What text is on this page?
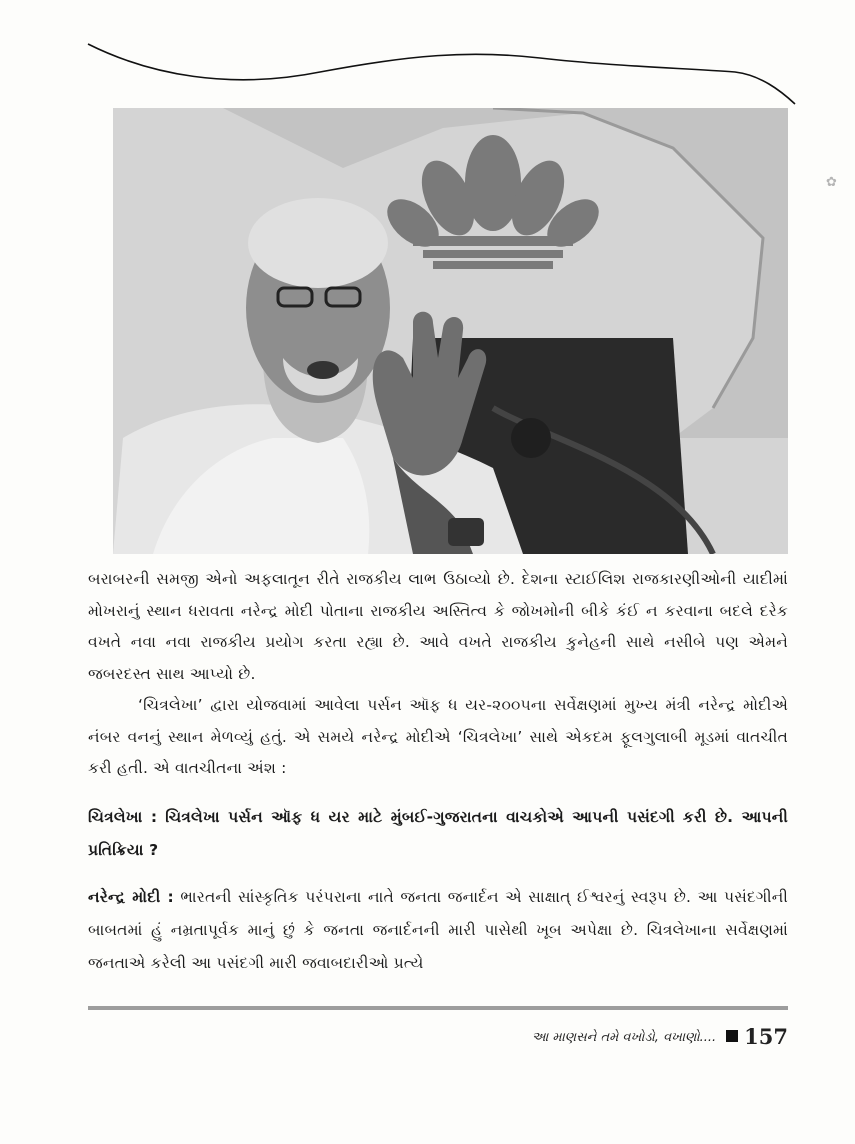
✿
બરાબરની સમજી એનો અફલાતૂન રીતે રાજકીય લાભ ઉઠાવ્યો છે. દેશના સ્ટાઈલિશ રાજકારણીઓની યાદીમાં મોખરાનું સ્થાન ધરાવતા નરેન્દ્ર મોદી પોતાના રાજકીય અસ્તિત્વ કે જોખમોની બીકે કંઈ ન કરવાના બદલે દરેક વખતે નવા નવા રાજકીય પ્રયોગ કરતા રહ્યા છે. આવે વખતે રાજકીય કુનેહની સાથે નસીબે પણ એમને જબરદસ્ત સાથ આપ્યો છે.
‘ચિત્રલેખા’ દ્વારા યોજવામાં આવેલા પર્સન ઑફ ધ યર-૨૦૦૫ના સર્વેક્ષણમાં મુખ્ય મંત્રી નરેન્દ્ર મોદીએ નંબર વનનું સ્થાન મેળવ્યું હતું. એ સમયે નરેન્દ્ર મોદીએ ‘ચિત્રલેખા’ સાથે એકદમ ફૂલગુલાબી મૂડમાં વાતચીત કરી હતી. એ વાતચીતના અંશ :
ચિત્રલેખા : ચિત્રલેખા પર્સન ઑફ ધ યર માટે મુંબઈ-ગુજરાતના વાચકોએ આપની પસંદગી કરી છે. આપની પ્રતિક્રિયા ?
નરેન્દ્ર મોદી : ભારતની સાંસ્કૃતિક પરંપરાના નાતે જનતા જનાર્દન એ સાક્ષાત્ ઈશ્વરનું સ્વરૂપ છે. આ પસંદગીની બાબતમાં હું નમ્રતાપૂર્વક માનું છું કે જનતા જનાર્દનની મારી પાસેથી ખૂબ અપેક્ષા છે. ચિત્રલેખાના સર્વેક્ષણમાં જનતાએ કરેલી આ પસંદગી મારી જવાબદારીઓ પ્રત્યે
આ માણસને તમે વખોડો, વખાણો.... 157
